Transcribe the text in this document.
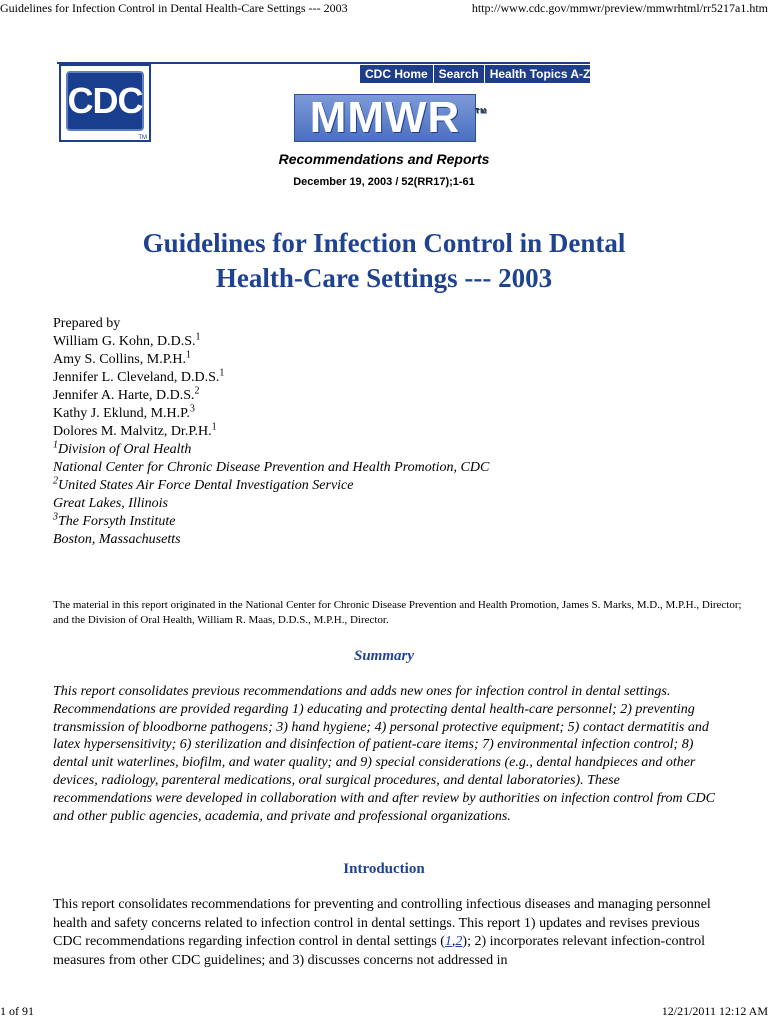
Guidelines for Infection Control in Dental Health-Care Settings --- 2003	http://www.cdc.gov/mmwr/preview/mmwrhtml/rr5217a1.htm
CDC
TM
CDC Home Search Health Topics A-Z
MMWR TM
Recommendations and Reports
December 19, 2003 / 52(RR17);1-61
Guidelines for Infection Control in Dental
Health-Care Settings --- 2003
Prepared by
William G. Kohn, D.D.S.$^1$
Amy S. Collins, M.P.H.$^1$
Jennifer L. Cleveland, D.D.S.$^1$
Jennifer A. Harte, D.D.S.$^2$
Kathy J. Eklund, M.H.P.$^3$
Dolores M. Malvitz, Dr.P.H.$^1$
$^1$Division of Oral Health
National Center for Chronic Disease Prevention and Health Promotion, CDC
$^2$United States Air Force Dental Investigation Service
Great Lakes, Illinois
$^3$The Forsyth Institute
Boston, Massachusetts
The material in this report originated in the National Center for Chronic Disease Prevention and Health Promotion, James S. Marks, M.D., M.P.H., Director; and the Division of Oral Health, William R. Maas, D.D.S., M.P.H., Director.
Summary
This report consolidates previous recommendations and adds new ones for infection control in dental settings. Recommendations are provided regarding 1) educating and protecting dental health-care personnel; 2) preventing transmission of bloodborne pathogens; 3) hand hygiene; 4) personal protective equipment; 5) contact dermatitis and latex hypersensitivity; 6) sterilization and disinfection of patient-care items; 7) environmental infection control; 8) dental unit waterlines, biofilm, and water quality; and 9) special considerations (e.g., dental handpieces and other devices, radiology, parenteral medications, oral surgical procedures, and dental laboratories). These recommendations were developed in collaboration with and after review by authorities on infection control from CDC and other public agencies, academia, and private and professional organizations.
Introduction
This report consolidates recommendations for preventing and controlling infectious diseases and managing personnel health and safety concerns related to infection control in dental settings. This report 1) updates and revises previous CDC recommendations regarding infection control in dental settings (1,2); 2) incorporates relevant infection-control measures from other CDC guidelines; and 3) discusses concerns not addressed in
1 of 91	12/21/2011 12:12 AM
